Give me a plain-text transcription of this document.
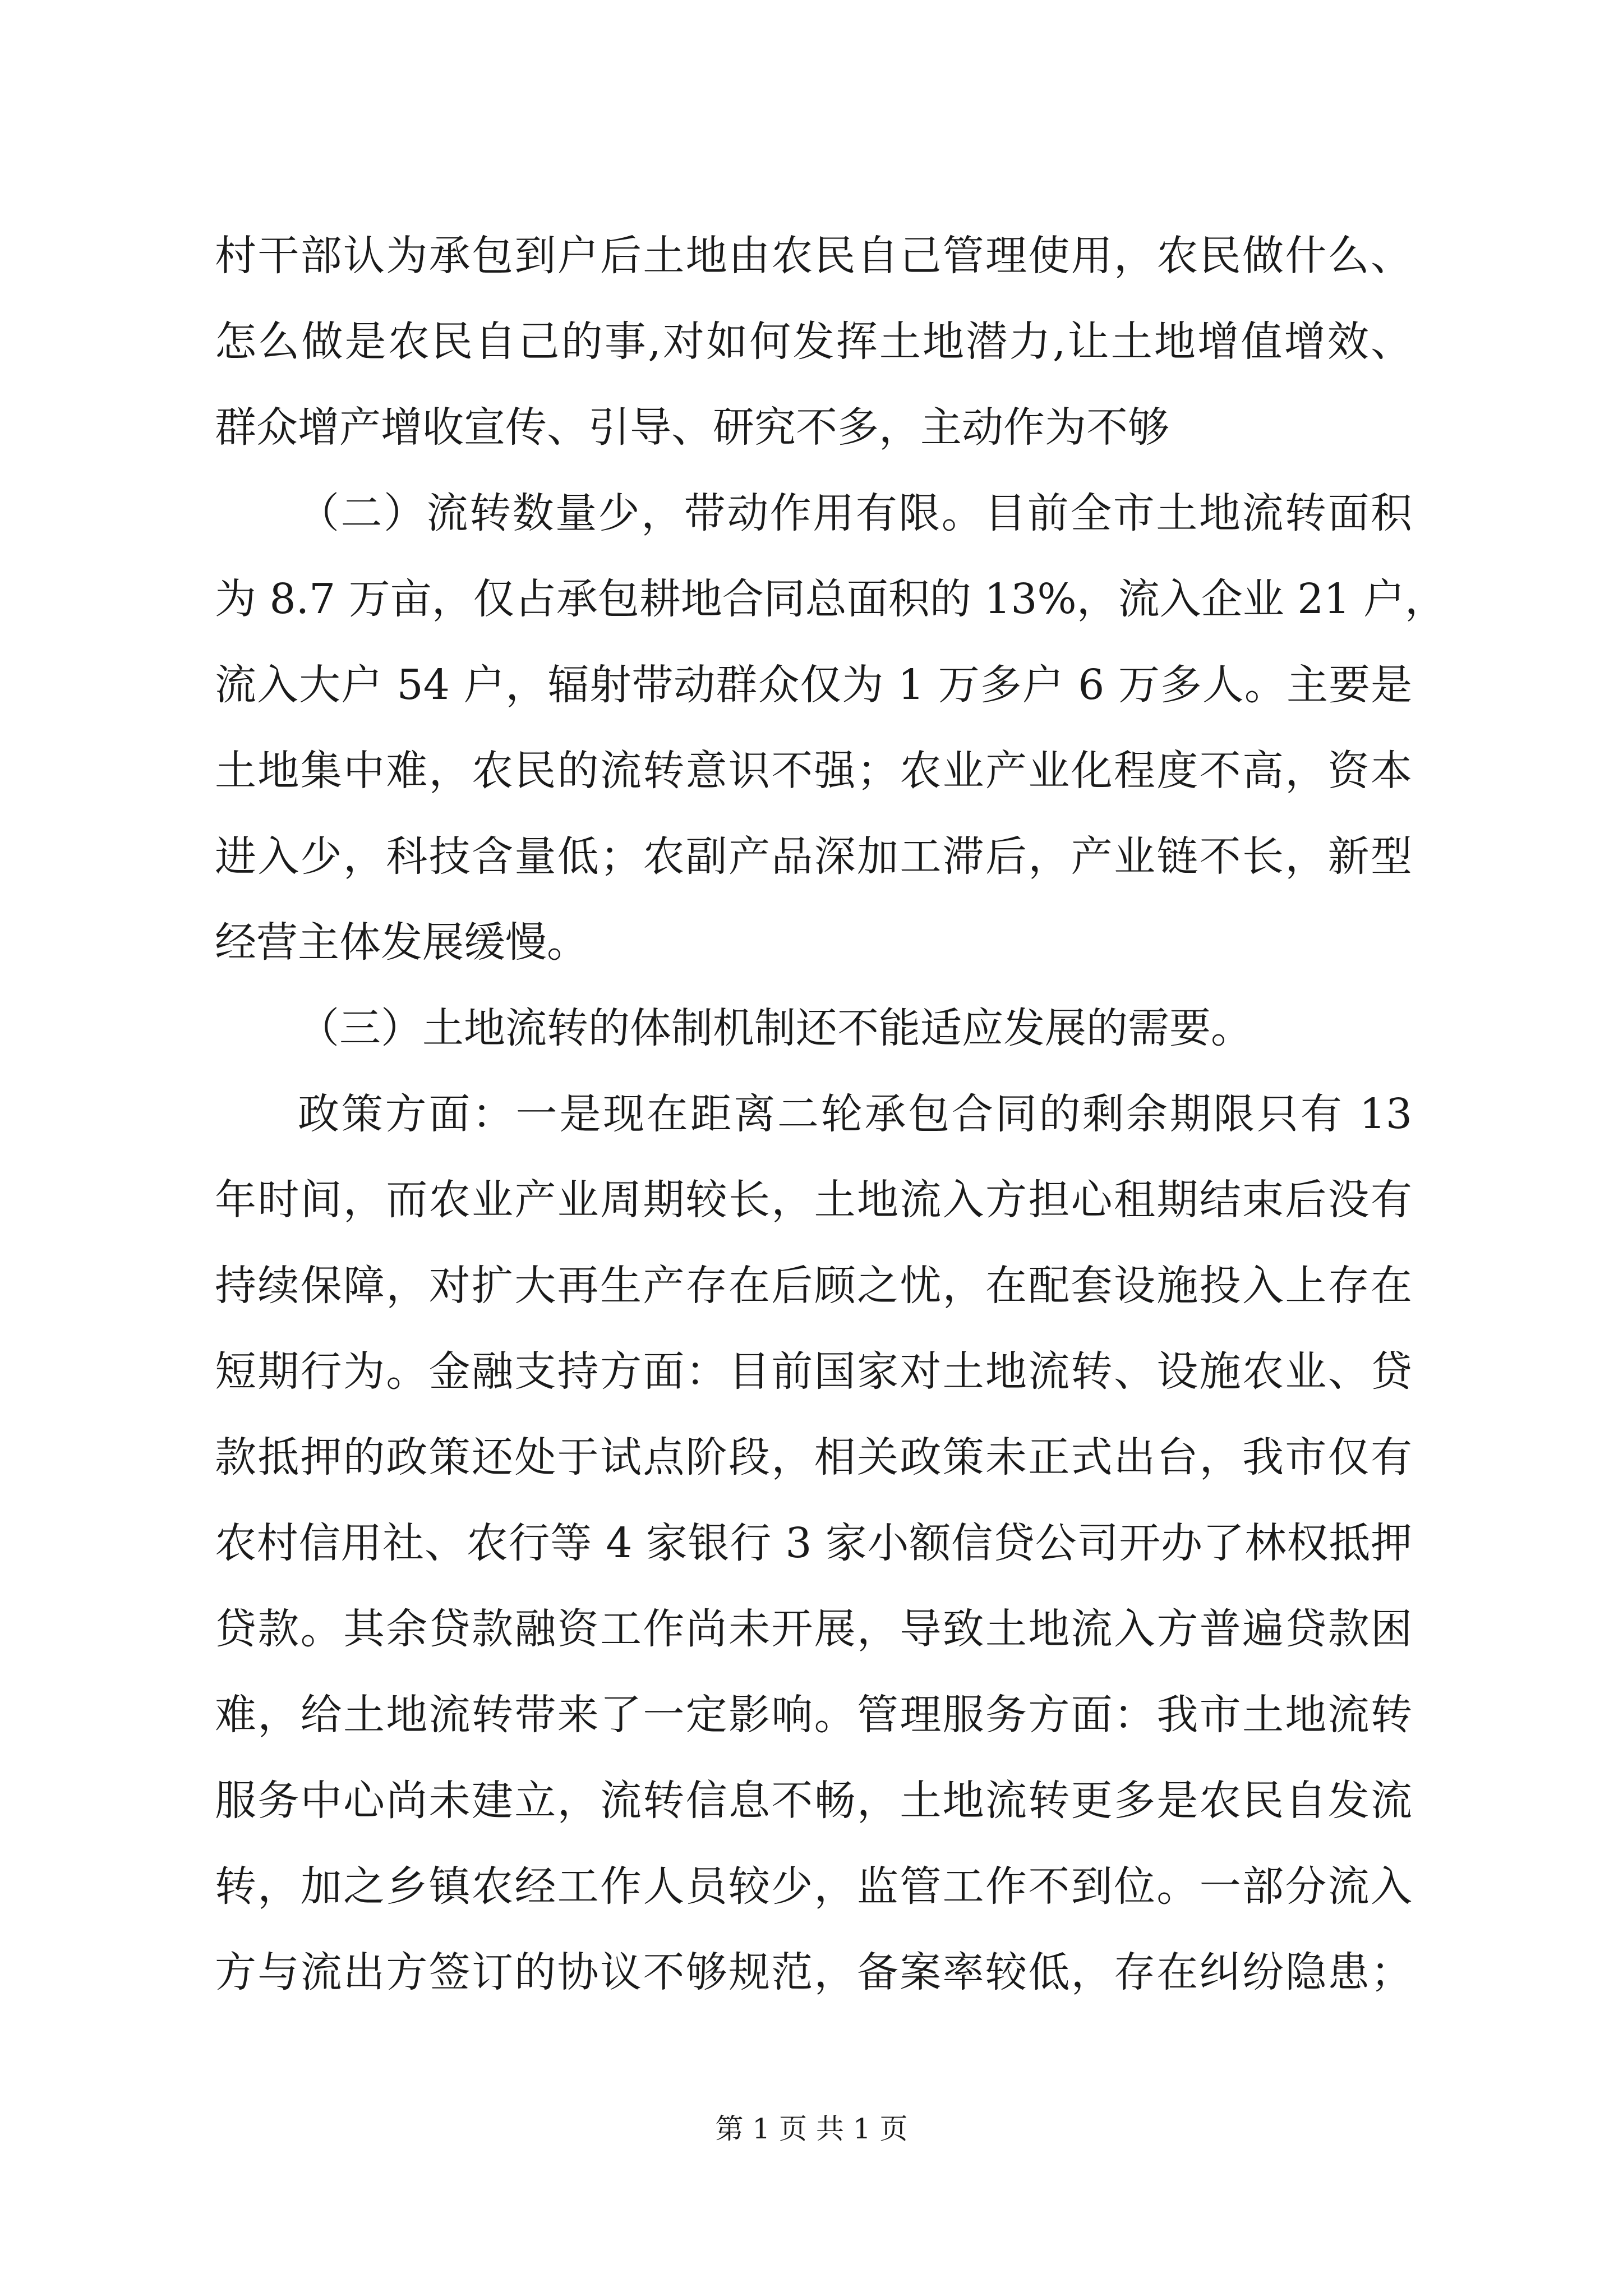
村干部认为承包到户后土地由农民自己管理使用，农民做什么、
怎么做是农民自己的事,对如何发挥土地潜力,让土地增值增效、
群众增产增收宣传、引导、研究不多，主动作为不够
（二）流转数量少，带动作用有限。目前全市土地流转面积
为 8.7 万亩，仅占承包耕地合同总面积的 13%，流入企业 21 户，
流入大户 54 户，辐射带动群众仅为 1 万多户 6 万多人。主要是
土地集中难，农民的流转意识不强；农业产业化程度不高，资本
进入少，科技含量低；农副产品深加工滞后，产业链不长，新型
经营主体发展缓慢。
（三）土地流转的体制机制还不能适应发展的需要。
政策方面：一是现在距离二轮承包合同的剩余期限只有 13
年时间，而农业产业周期较长，土地流入方担心租期结束后没有
持续保障，对扩大再生产存在后顾之忧，在配套设施投入上存在
短期行为。金融支持方面：目前国家对土地流转、设施农业、贷
款抵押的政策还处于试点阶段，相关政策未正式出台，我市仅有
农村信用社、农行等 4 家银行 3 家小额信贷公司开办了林权抵押
贷款。其余贷款融资工作尚未开展，导致土地流入方普遍贷款困
难，给土地流转带来了一定影响。管理服务方面：我市土地流转
服务中心尚未建立，流转信息不畅，土地流转更多是农民自发流
转，加之乡镇农经工作人员较少，监管工作不到位。一部分流入
方与流出方签订的协议不够规范，备案率较低，存在纠纷隐患；
第 1 页 共 1 页
